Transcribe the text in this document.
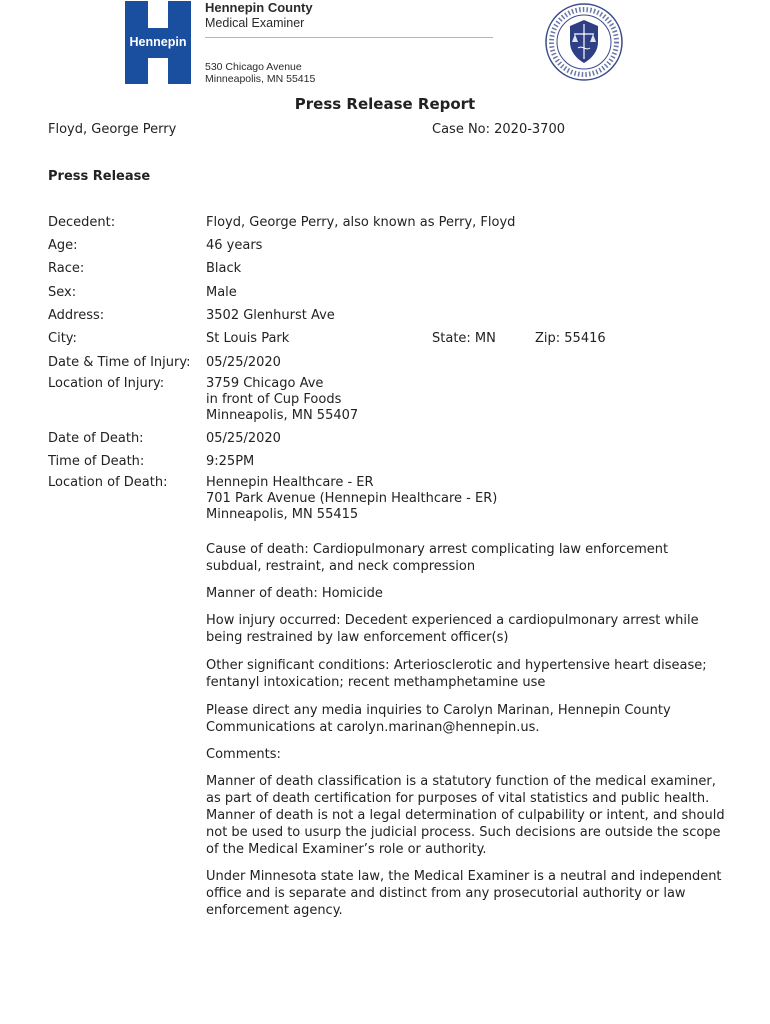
Hennepin
Hennepin County
Medical Examiner
530 Chicago Avenue
Minneapolis, MN 55415
Press Release Report
Floyd, George Perry	Case No: 2020-3700
Press Release
Decedent:	Floyd, George Perry, also known as Perry, Floyd
Age:	46 years
Race:	Black
Sex:	Male
Address:	3502 Glenhurst Ave
City:	St Louis Park	State: MN	Zip: 55416
Date & Time of Injury: 05/25/2020
Location of Injury:	3759 Chicago Ave
in front of Cup Foods
Minneapolis, MN 55407
Date of Death:	05/25/2020
Time of Death:	9:25PM
Location of Death:	Hennepin Healthcare - ER
701 Park Avenue (Hennepin Healthcare - ER)
Minneapolis, MN 55415
Cause of death: Cardiopulmonary arrest complicating law enforcement subdual, restraint, and neck compression
Manner of death: Homicide
How injury occurred: Decedent experienced a cardiopulmonary arrest while being restrained by law enforcement officer(s)
Other significant conditions: Arteriosclerotic and hypertensive heart disease; fentanyl intoxication; recent methamphetamine use
Please direct any media inquiries to Carolyn Marinan, Hennepin County Communications at carolyn.marinan@hennepin.us.
Comments:
Manner of death classification is a statutory function of the medical examiner, as part of death certification for purposes of vital statistics and public health. Manner of death is not a legal determination of culpability or intent, and should not be used to usurp the judicial process. Such decisions are outside the scope of the Medical Examiner’s role or authority.
Under Minnesota state law, the Medical Examiner is a neutral and independent office and is separate and distinct from any prosecutorial authority or law enforcement agency.
